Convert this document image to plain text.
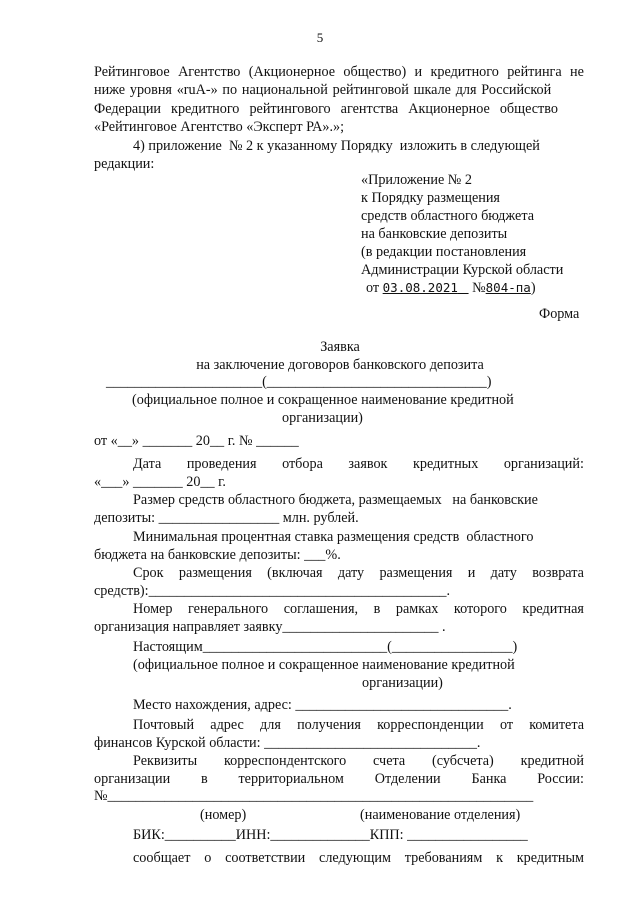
5
Рейтинговое Агентство (Акционерное общество) и кредитного рейтинга не
ниже уровня «ruA-» по национальной рейтинговой шкале для Российской
Федерации кредитного рейтингового агентства Акционерное общество
«Рейтинговое Агентство «Эксперт РА».»;
4) приложение  № 2 к указанному Порядку  изложить в следующей
редакции:
«Приложение № 2
к Порядку размещения
средств областного бюджета
на банковские депозиты
(в редакции постановления
Администрации Курской области
от 03.08.2021 №804-па)
Форма
Заявка
на заключение договоров банковского депозита
______________________(_______________________________)
(официальное полное и сокращенное наименование кредитной
организации)
от «__» _______ 20__ г. № ______
Дата проведения отбора заявок кредитных организаций:
«___» _______ 20__ г.
Размер средств областного бюджета, размещаемых   на банковские
депозиты: _________________ млн. рублей.
Минимальная процентная ставка размещения средств  областного
бюджета на банковские депозиты: ___%.
Срок размещения (включая дату размещения и дату возврата
средств):__________________________________________.
Номер генерального соглашения, в рамках которого кредитная
организация направляет заявку______________________ .
Настоящим__________________________(_________________)
(официальное полное и сокращенное наименование кредитной
организации)
Место нахождения, адрес: ______________________________.
Почтовый адрес для получения корреспонденции от комитета
финансов Курской области: ______________________________.
Реквизиты корреспондентского счета (субсчета) кредитной
организации в территориальном Отделении Банка России:
№____________________________________________________________
(номер)	(наименование отделения)
БИК:__________ИНН:______________КПП: _________________
сообщает о соответствии следующим требованиям к кредитным
